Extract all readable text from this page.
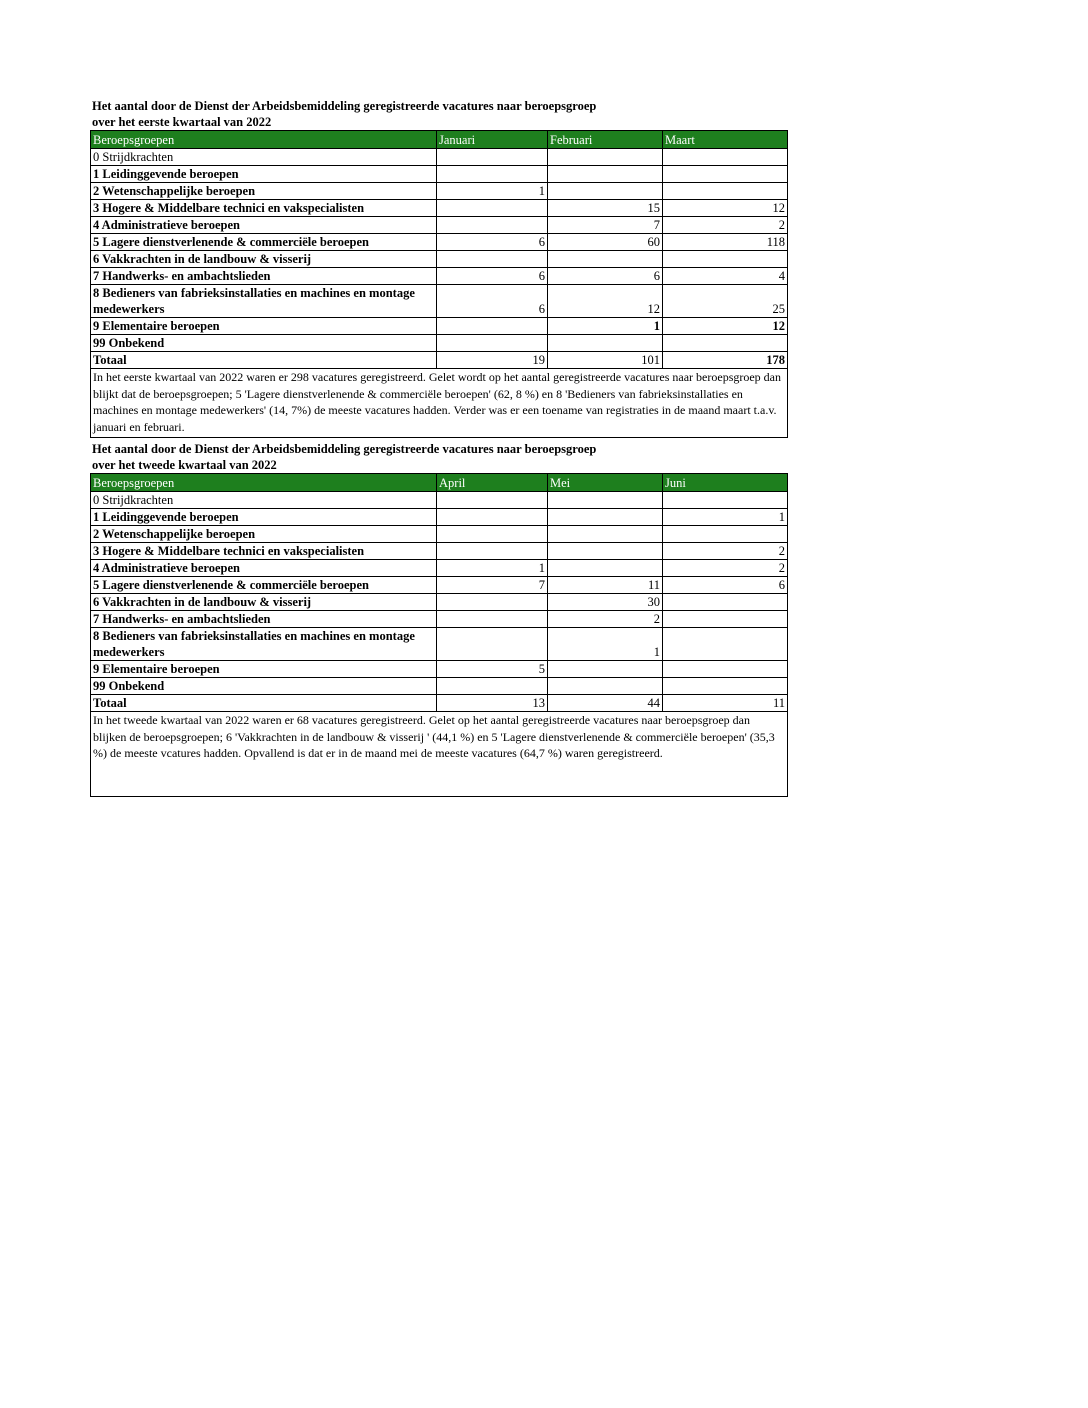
Het aantal door de Dienst der Arbeidsbemiddeling geregistreerde vacatures naar beroepsgroep
over het eerste kwartaal van 2022
Beroepsgroepen	Januari	Februari	Maart
0 Strijdkrachten			
1 Leidinggevende beroepen			
2 Wetenschappelijke beroepen	1		
3 Hogere & Middelbare technici en vakspecialisten		15	12
4 Administratieve beroepen		7	2
5 Lagere dienstverlenende & commerciële beroepen	6	60	118
6 Vakkrachten in de landbouw & visserij			
7 Handwerks- en ambachtslieden	6	6	4
8 Bedieners van fabrieksinstallaties en machines en montage medewerkers	6	12	25
9 Elementaire beroepen		1	12
99 Onbekend			
Totaal	19	101	178
In het eerste kwartaal van 2022 waren er 298 vacatures geregistreerd. Gelet wordt op het aantal geregistreerde vacatures naar beroepsgroep dan blijkt dat de beroepsgroepen; 5 'Lagere dienstverlenende & commerciële beroepen' (62, 8 %) en 8 'Bedieners van fabrieksinstallaties en machines en montage medewerkers' (14, 7%) de meeste vacatures hadden. Verder was er een toename van registraties in de maand maart t.a.v. januari en februari.			
Het aantal door de Dienst der Arbeidsbemiddeling geregistreerde vacatures naar beroepsgroep
over het tweede kwartaal van 2022
Beroepsgroepen	April	Mei	Juni
0 Strijdkrachten			
1 Leidinggevende beroepen			1
2 Wetenschappelijke beroepen			
3 Hogere & Middelbare technici en vakspecialisten			2
4 Administratieve beroepen	1		2
5 Lagere dienstverlenende & commerciële beroepen	7	11	6
6 Vakkrachten in de landbouw & visserij		30	
7 Handwerks- en ambachtslieden		2	
8 Bedieners van fabrieksinstallaties en machines en montage medewerkers		1	
9 Elementaire beroepen	5		
99 Onbekend			
Totaal	13	44	11
In het tweede kwartaal van 2022 waren er 68 vacatures geregistreerd. Gelet op het aantal geregistreerde vacatures naar beroepsgroep dan blijken de beroepsgroepen; 6 'Vakkrachten in de landbouw & visserij ' (44,1 %) en 5 'Lagere dienstverlenende & commerciële beroepen' (35,3 %) de meeste vcatures hadden. Opvallend is dat er in de maand mei de meeste vacatures (64,7 %) waren geregistreerd.			
